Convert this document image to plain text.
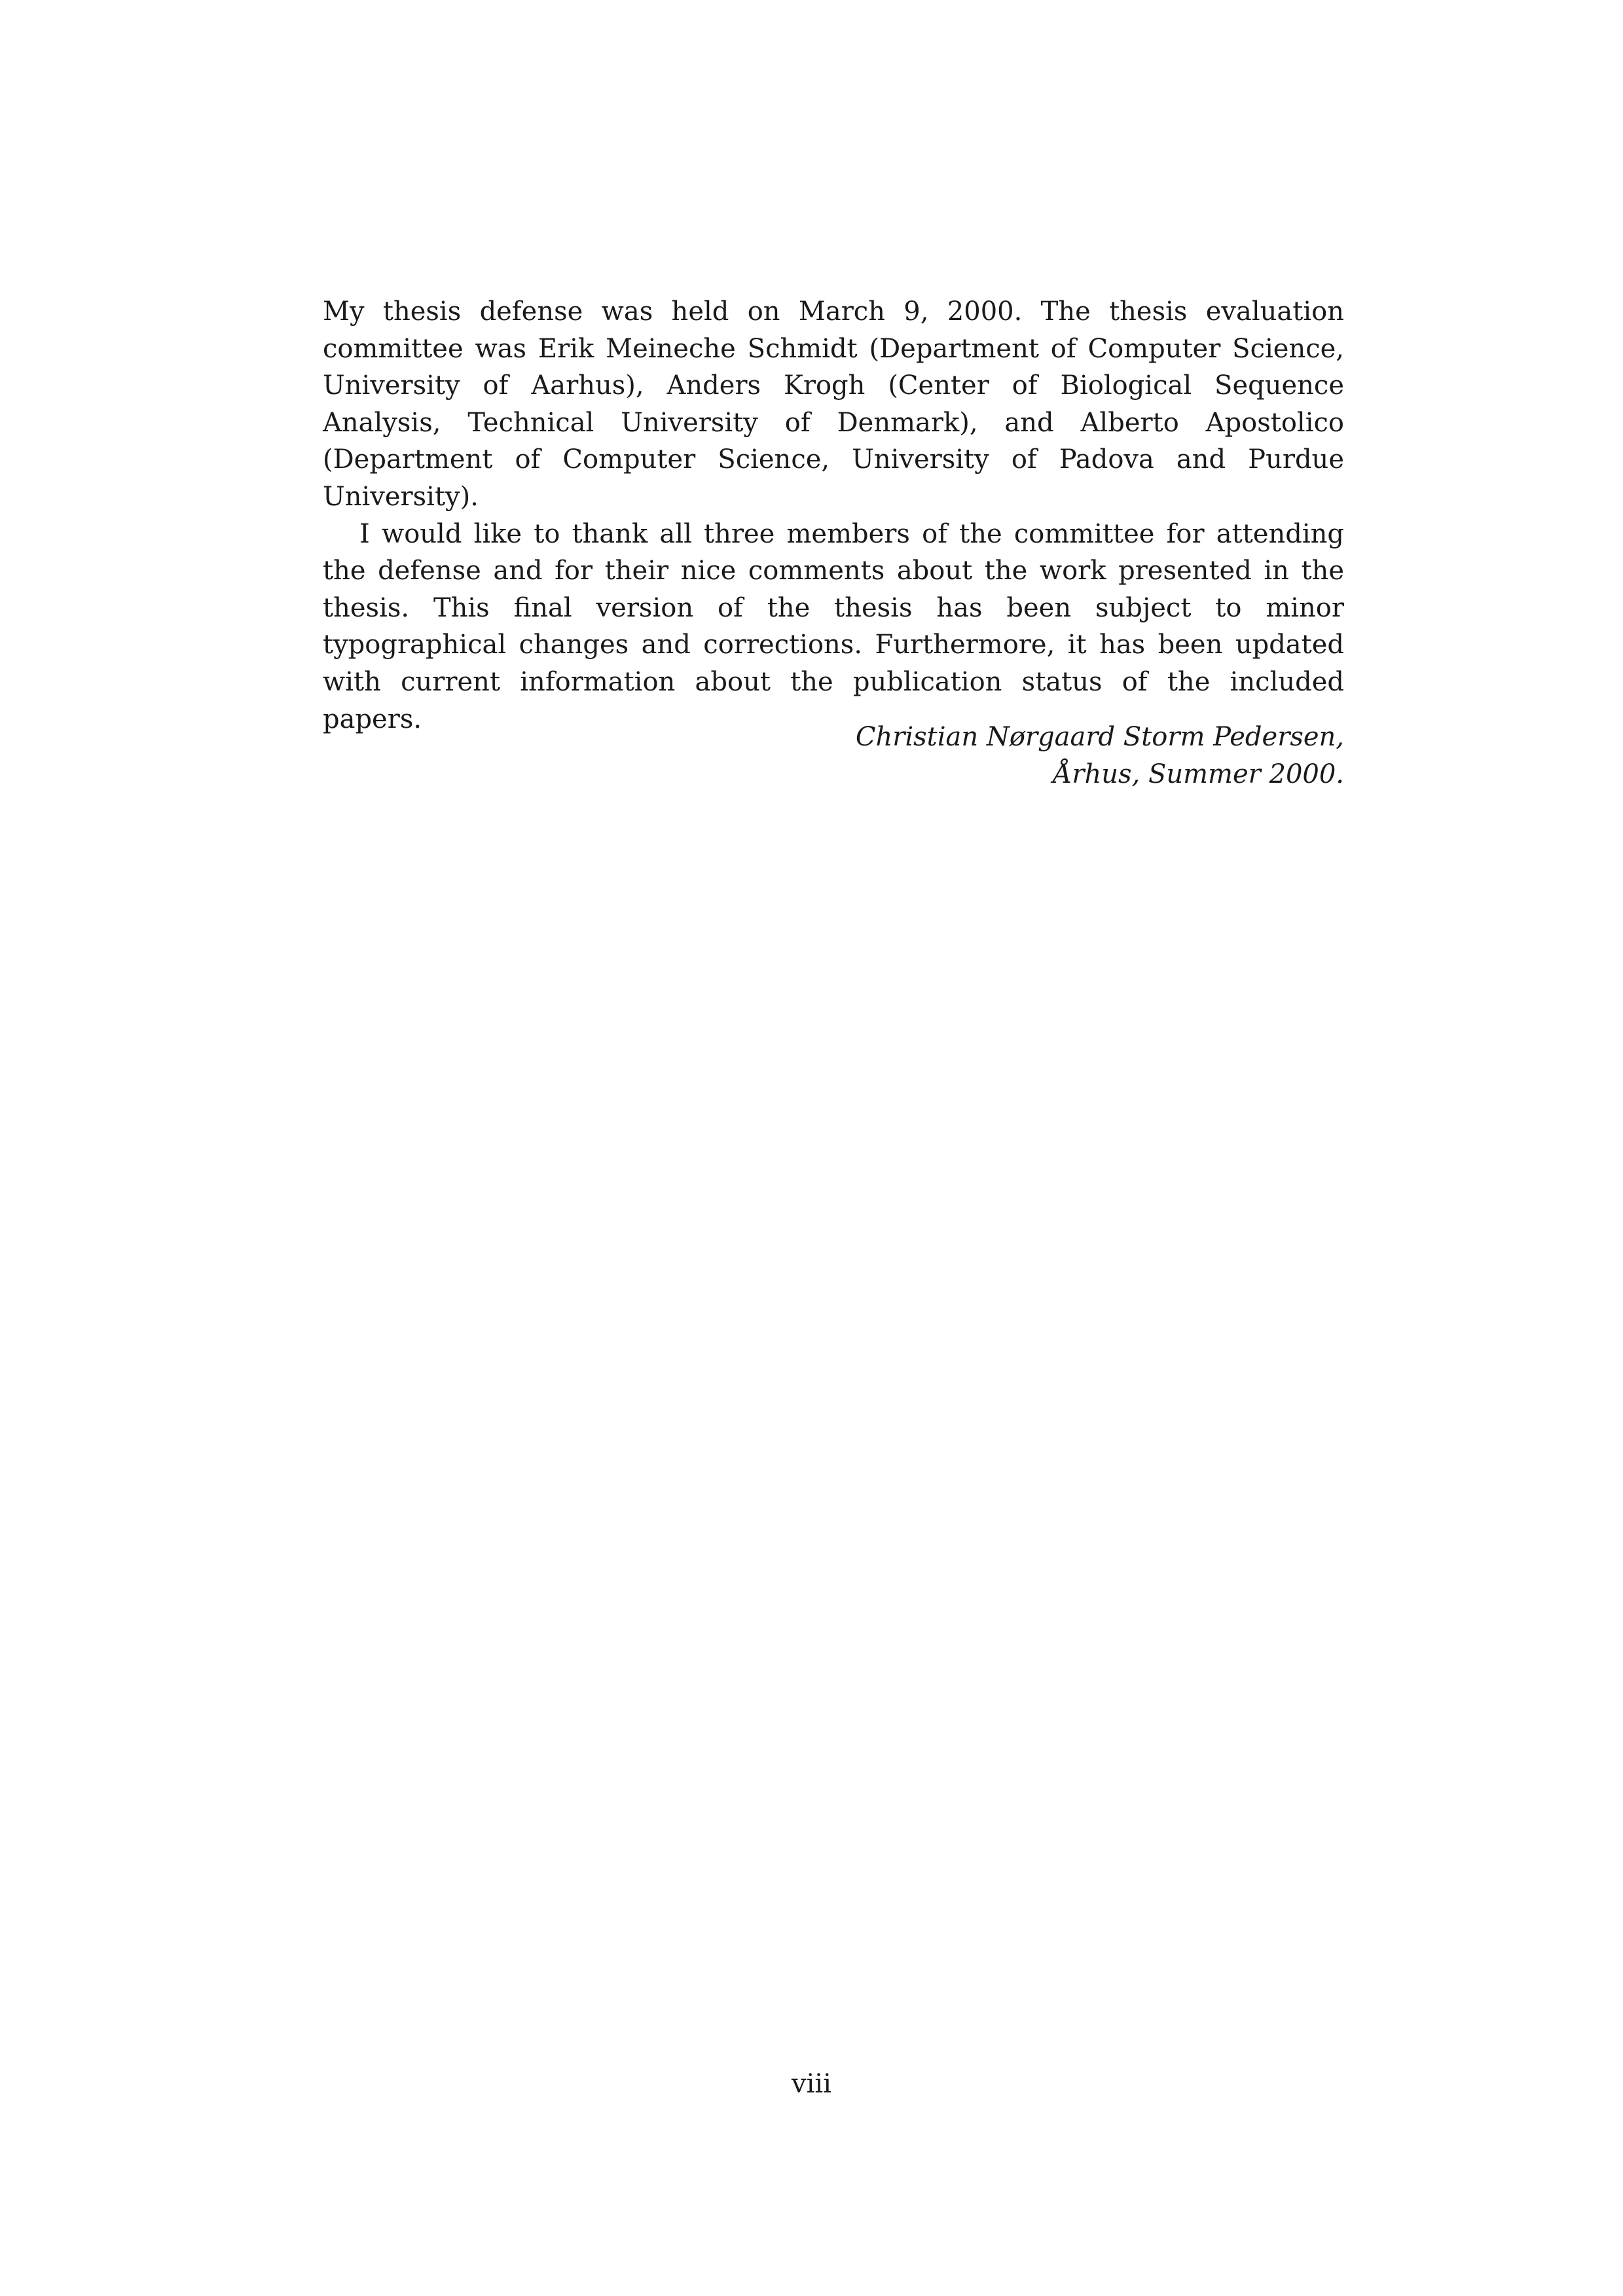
My thesis defense was held on March 9, 2000. The thesis evaluation committee was Erik Meineche Schmidt (Department of Computer Science, University of Aarhus), Anders Krogh (Center of Biological Sequence Analysis, Technical University of Denmark), and Alberto Apostolico (Department of Computer Science, University of Padova and Purdue University).

I would like to thank all three members of the committee for attending the defense and for their nice comments about the work presented in the thesis. This final version of the thesis has been subject to minor typographical changes and corrections. Furthermore, it has been updated with current information about the publication status of the included papers.

Christian Nørgaard Storm Pedersen,
Århus, Summer 2000.
viii
